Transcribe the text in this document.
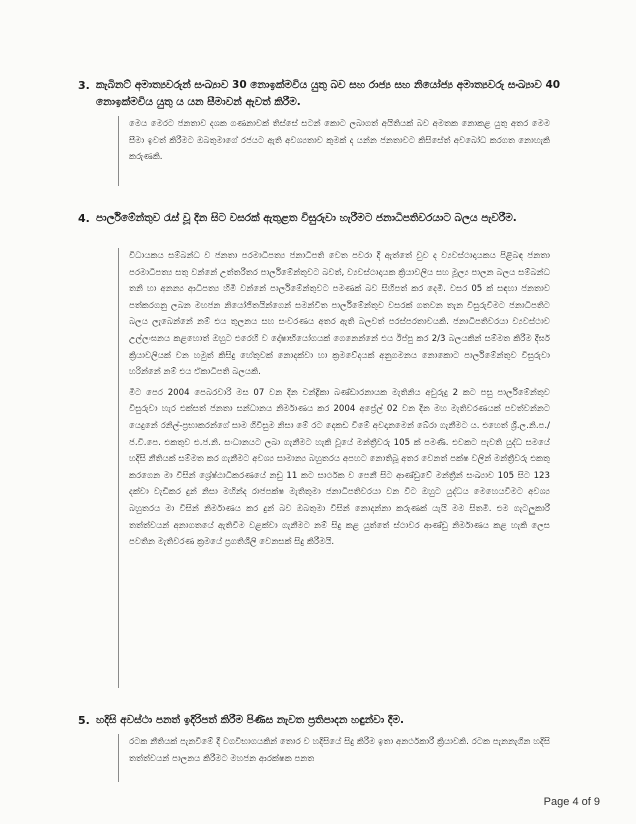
3. කැබිනට් අමාත්‍යවරුන් සංඛ්‍යාව 30 නොඉක්මවිය යුතු බව සහ රාජ්‍ය සහ නියෝජ්‍ය අමාත්‍යවරු සංඛ්‍යාව 40 නොඉක්මවිය යුතු ය යන සීමාවන් ඇවත් කිරීම.

මෙය මෙරට ජනතාව දශක ගණනාවක් තිස්සේ සටන් කොට ලබාගත් අයිතියක් බව අමතක නොකළ යුතු අතර මෙම සීමා ඉවත් කිරීමට ඔබතුමාගේ රජයට ඇති අවශ්‍යතාව කුමක් ද යන්න ජනතාවට කිසිසේත් අවබෝධ කරගත නොහැකි කරුණකි.

4. පාර්ලිමේන්තුව රැස් වූ දින සිට වසරක් ඇතුළත විසුරුවා හැරීමට ජනාධිපතිවරයාට බලය පැවරීම.

විධායකය සම්බන්ධ ව ජනතා පරමාධිපත්‍ය ජනාධිපති වෙත පවරා දී ඇත්තේ වුව ද ව්‍යවස්ථාදායකය පිළිබඳ ජනතා පරමාධිපත්‍ය සතු වන්නේ උත්තරීතර පාර්ලිමේන්තුවට බවත්, ව්‍යවස්ථාදායක ක්‍රියාවලිය සහ මූල්‍ය පාලන බලය සම්බන්ධ තනි හා අනන්‍ය ආධිපත්‍ය හිමි වන්නේ පාර්ලිමේන්තුවට පමණක් බව සිහිපත් කර දෙමි. වසර 05 ක් සඳහා ජනතාව පත්කරගනු ලබන මහජන නියෝජිතයින්ගෙන් සමන්විත පාර්ලිමේන්තුව වසරක් ගතවන තැන විසුරුවීමට ජනාධිපතිට බලය ලැබෙන්නේ නම් එය තුලනය සහ සංවරණය අතර ඇති බලවත් පරස්පරතාවයකි. ජනාධිපතිවරයා ව්‍යවස්ථාව උල්ලංඝනය කළහොත් ඔහුට එරෙහි ව දෝෂාභියෝගයක් ගෙනෙන්නේ එය ඊප්පු කර 2/3 බලයකින් සම්මත කිරීම දීර්ඝ ක්‍රියාවලියක් වන හමුත් කිසිදු හේතුවක් නොදක්වා හා ක්‍රමවේදයක් අනුගමනය නොකොට පාර්ලිමේන්තුව විසුරුවා හරින්නේ නම් එය ඒකාධිපති බලයකි.

මීට පෙර 2004 පෙබරවාරි මස 07 වන දින චන්ද්‍රිකා බණ්ඩාරනායක මැතිනිය අවුරුදු 2 කට පසු පාර්ලිමේන්තුව විසුරුවා හැර එක්සත් ජනතා සන්ධානය නිර්මාණය කර 2004 අප්‍රේල් 02 වන දින මහ මැතිවරණයක් පවත්වන්නට යෙදුනේ රනිල්-ප්‍රභාකරන්ගේ සාම ගිවිසුම නිසා මේ රට දෙකඩ වීමේ අවදානමෙන් බේරා ගැනීමට ය. එහෙත් ශ්‍රී.ල.නි.ප./ජ.වි.පෙ. එකතුව එ.ජ.නි. සංධානයට ලබා ගැනීමට හැකි වූයේ මන්ත්‍රීවරු 105 ක් පමණි. එවකට පැවති යුද්ධ සමයේ හදිසි නීතියක් සම්මත කර ගැනීමට අවශ්‍ය සාමාන්‍ය බහුතරය අපහට නොතිබූ අතර වෙනත් පක්ෂ වලින් මන්ත්‍රීවරු එකතු කරගෙන මා විසින් ශ්‍රේෂ්ඨාධිකරණයේ නඩු 11 කට සාර්ථක ව පෙනී සිට ආණ්ඩුවේ මන්ත්‍රීන් සංඛ්‍යාව 105 සිට 123 දක්වා වැඩිකර දුන් නිසා මහින්ද රාජපක්ෂ මැතිතුමා ජනාධිපතිවරයා වන විට ඔහුට යුද්ධය මෙහෙයවීමට අවශ්‍ය බහුතරය මා විසින් නිර්මාණය කර දුන් බව ඔබතුමා විසින් නොදන්නා කරුණක් යැයි මම සිතමි. එම ගැටලුකාරී තත්ත්වයන් අනාගතයේ ඇතිවීම වළක්වා ගැනීමට නම් සිදු කළ යුත්තේ ස්ථාවර ආණ්ඩු නිර්මාණය කළ හැකි ලෙස පවතින මැතිවරණ ක්‍රමයේ ප්‍රගතිශීලි වෙනසක් සිදු කිරීමයි.

5. හදිසි අවස්ථා පනත් ඉදිරිපත් කිරීම පිණිස නැවත ප්‍රතිපාදන හඳුන්වා දීම.

රටක නීතියක් පැනවීමේ දී වගවිභාගයකින් තොර ව හදිසියේ සිදු කිරීම ඉතා අනර්ථකාරී ක්‍රියාවකි. රටක පැනනැගින හදිසි තත්ත්වයන් පාලනය කිරීමට මහජන ආරක්ෂක පනත

Page 4 of 9
